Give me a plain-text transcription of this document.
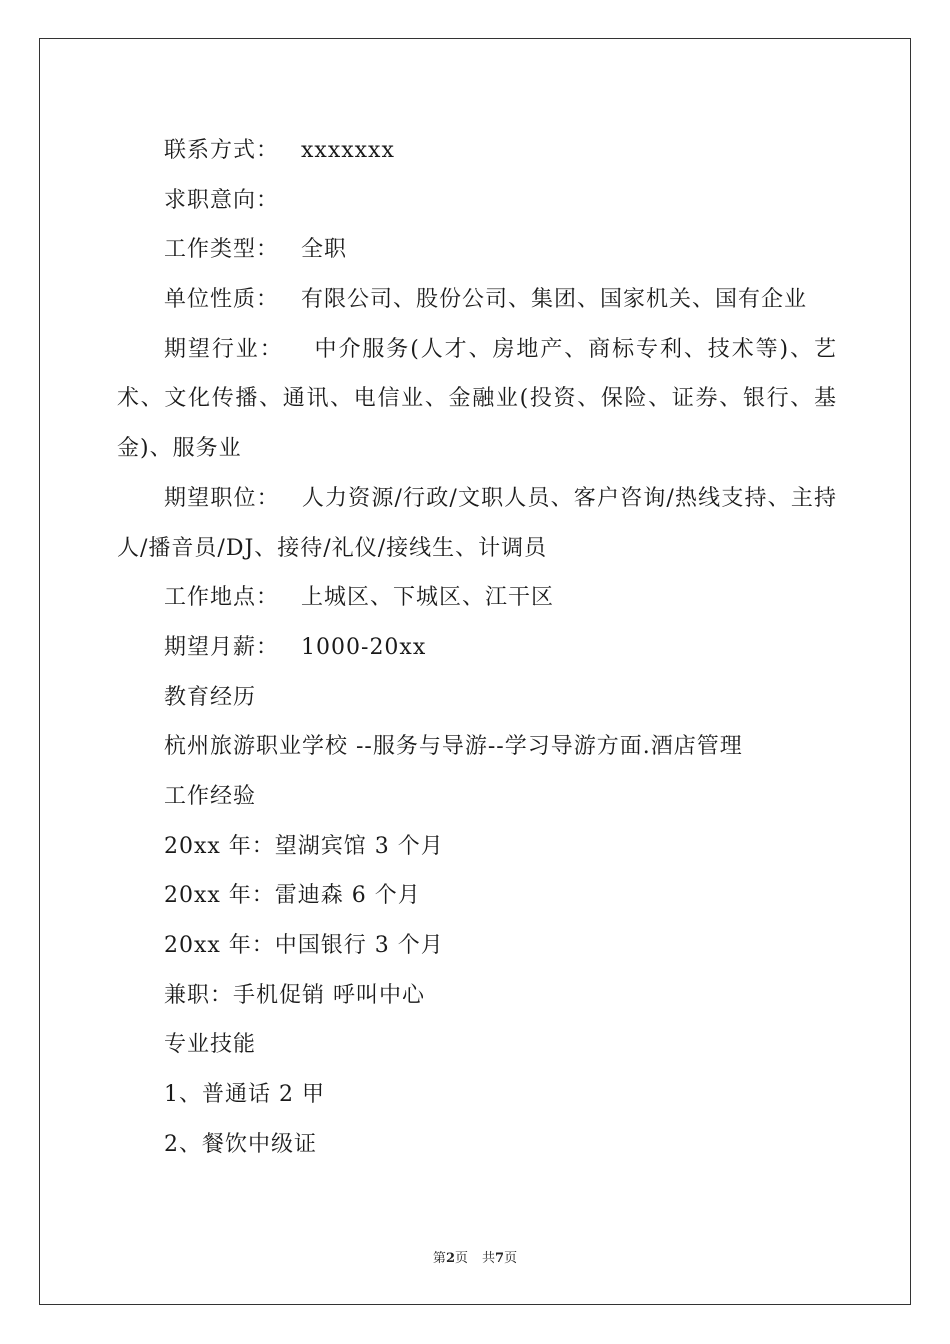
联系方式： xxxxxxx
求职意向：
工作类型： 全职
单位性质： 有限公司、股份公司、集团、国家机关、国有企业
期望行业： 中介服务(人才、房地产、商标专利、技术等)、艺术、文化传播、通讯、电信业、金融业(投资、保险、证券、银行、基金)、服务业
期望职位： 人力资源/行政/文职人员、客户咨询/热线支持、主持人/播音员/DJ、接待/礼仪/接线生、计调员
工作地点： 上城区、下城区、江干区
期望月薪： 1000-20xx
教育经历
杭州旅游职业学校 --服务与导游--学习导游方面.酒店管理
工作经验
20xx 年：望湖宾馆 3 个月
20xx 年：雷迪森 6 个月
20xx 年：中国银行 3 个月
兼职：手机促销 呼叫中心
专业技能
1、普通话 2 甲
2、餐饮中级证
第2页 共7页
